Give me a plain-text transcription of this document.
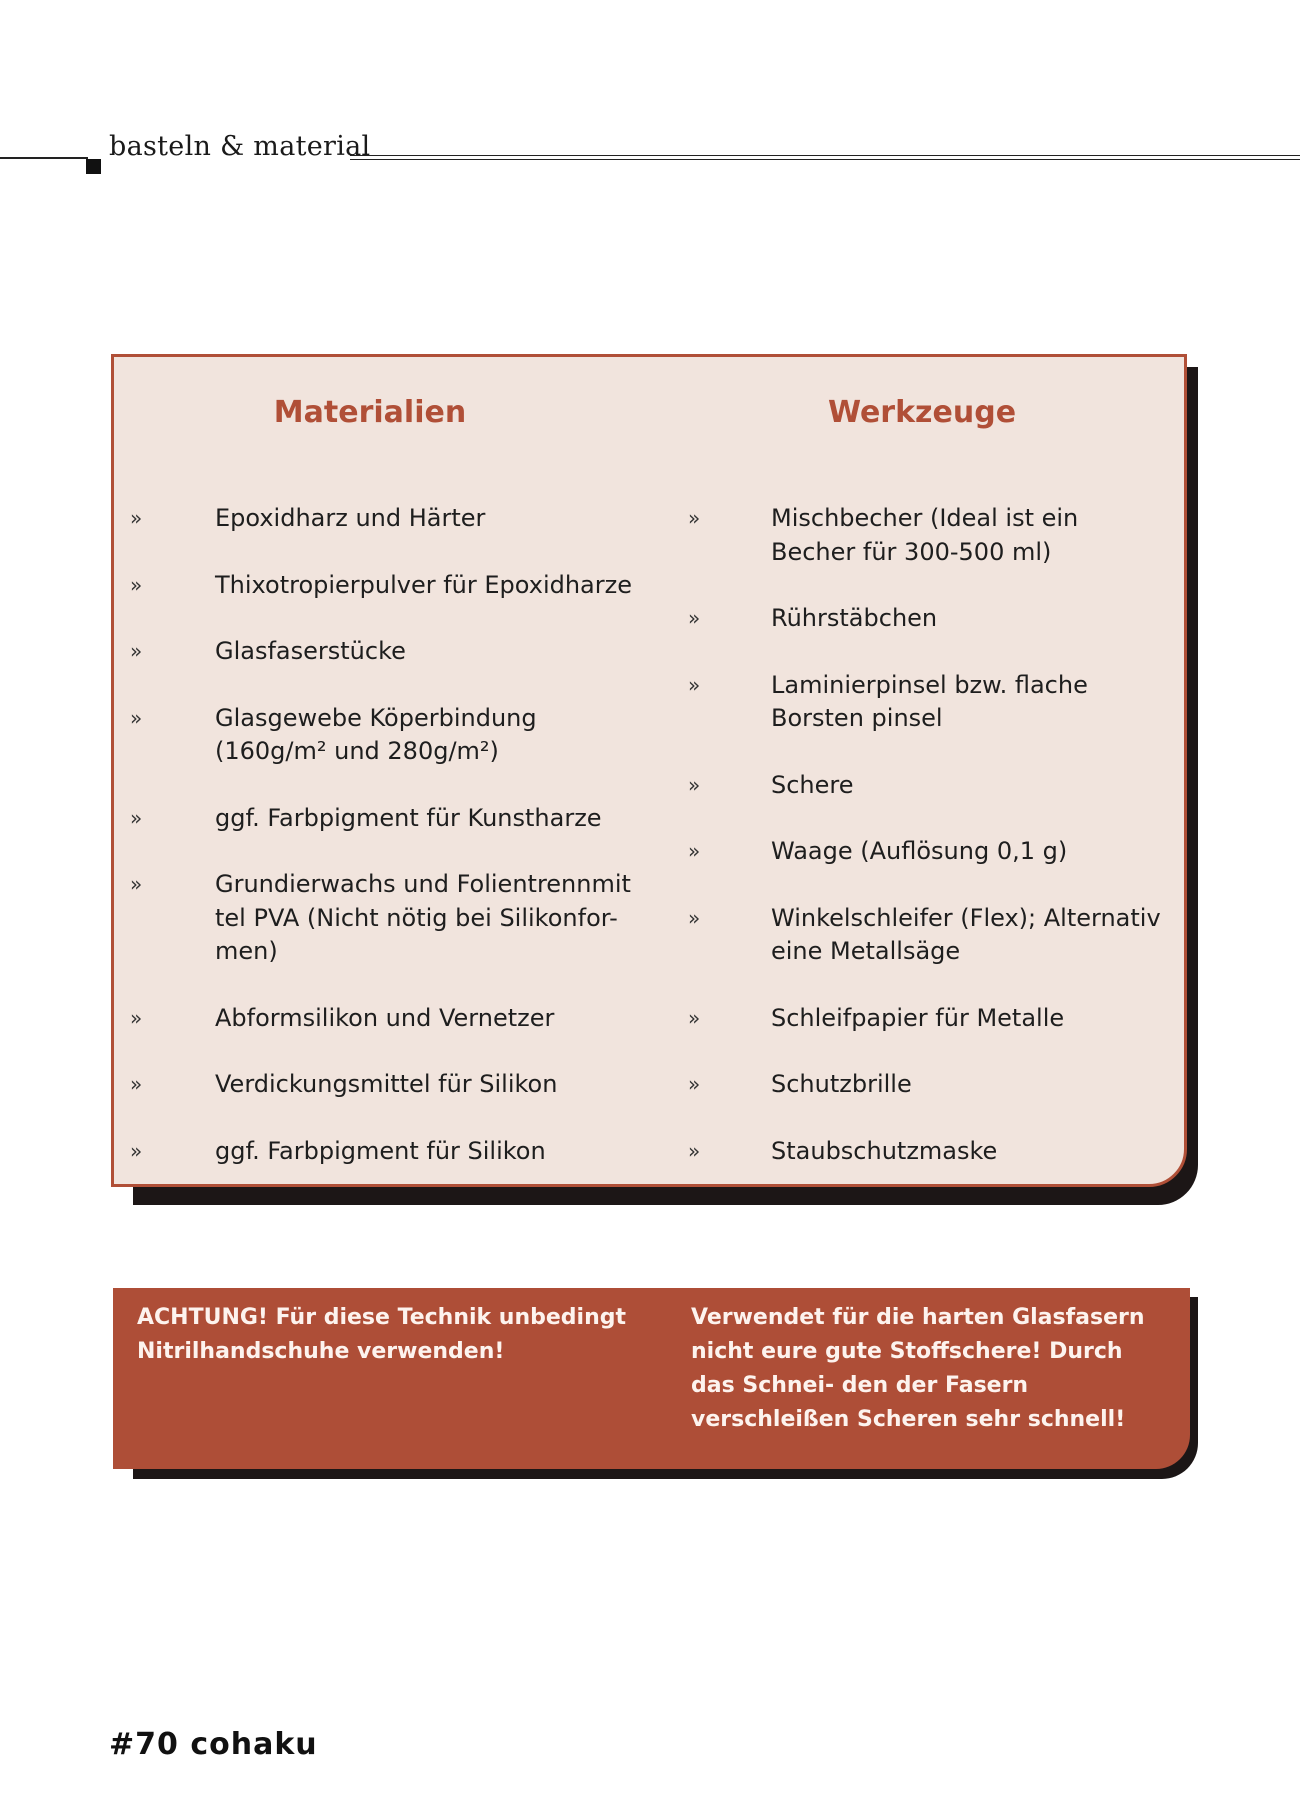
basteln & material
Materialien	Werkzeuge
»	Epoxidharz und Härter
»	Thixotropierpulver für Epoxidharze
»	Glasfaserstücke
»	Glasgewebe Köperbindung (160g/m² und 280g/m²)
»	ggf. Farbpigment für Kunstharze
»	Grundierwachs und Folientrennmit tel PVA (Nicht nötig bei Silikonfor- men)
»	Abformsilikon und Vernetzer
»	Verdickungsmittel für Silikon
»	ggf. Farbpigment für Silikon
»	Mischbecher (Ideal ist ein Becher für 300-500 ml)
»	Rührstäbchen
»	Laminierpinsel bzw. flache Borsten pinsel
»	Schere
»	Waage (Auflösung 0,1 g)
»	Winkelschleifer (Flex); Alternativ eine Metallsäge
»	Schleifpapier für Metalle
»	Schutzbrille
»	Staubschutzmaske

ACHTUNG! Für diese Technik unbedingt Nitrilhandschuhe verwenden!

Verwendet für die harten Glasfasern nicht eure gute Stoffschere! Durch das Schnei- den der Fasern verschleißen Scheren sehr schnell!

#70 cohaku
